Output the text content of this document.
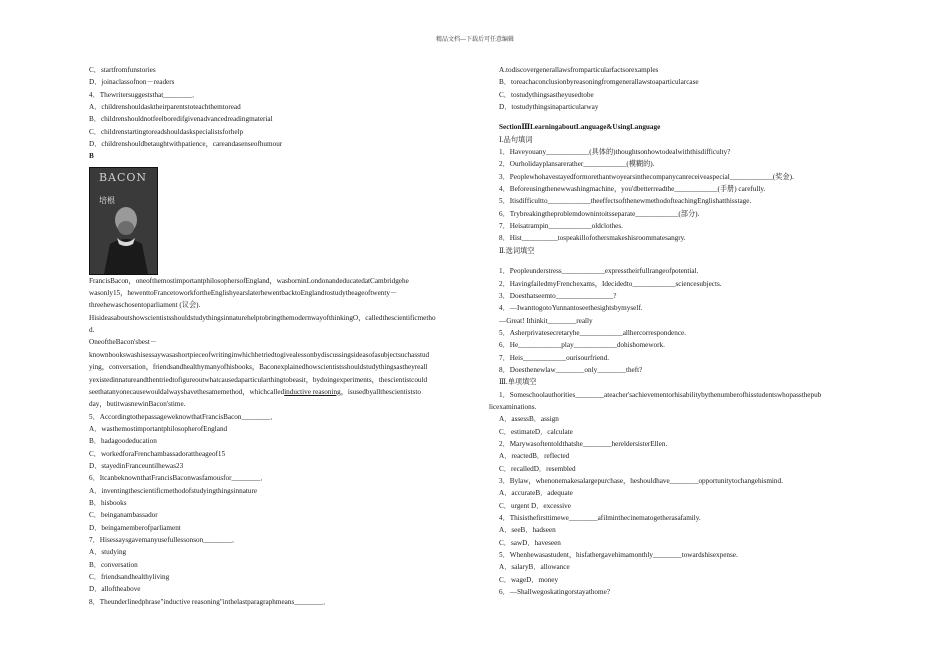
精品文档---下载后可任意编辑
C．startfromfunstories
D．joinaclassofnon－readers
4．Thewritersuggeststhat________．
A．childrenshouldasktheirparentstoteachthemtoread
B．childrenshouldnotfeelboredifgivenadvancedreadingmaterial
C．childrenstartingtoreadshouldaskspecialistsforhelp
D．childrenshouldbetaughtwithpatience，careandasenseofhumour
B
BACON
培根
FrancisBacon，oneofthemostimportantphilosophersofEngland，wasborninLondonandeducatedatCambridgehe
wasonly15，hewenttoFrancetoworkfortheEnglishyearslaterhewentbacktoEnglandtostudytheageoftwenty－
threehewaschosentoparliament (议会).
HisideasaboutshowscientistsshouldstudythingsinnaturehelptobringthemodernwayofthinkingO，calledthescientificmetho
d.
OneoftheBacon'sbest－
knownbookswashisessaywasashortpieceofwritinginwhichhetriedtogivealessonbydiscussingsideasofasubjectsuchasstud
ying，conversation，friendsandhealthymanyofhisbooks，Baconexplainedhowscientistsshouldstudythingsastheyreall
yexistedinnatureandthentriedtofigureoutwhatcausedaparticularthingtobeasit，bydoingexperiments，thescientistcould
seethatanyonecausewouldalwayshavethesamemethod，whichcalledinductive reasoning，isusedbyallthescientiststo
day，butitwasnewinBacon'stime.
5．AccordingtothepassageweknowthatFrancisBacon________．
A．wasthemostimportantphilosopherofEngland
B．hadagoodeducation
C．workedforaFrenchambassadorattheageof15
D．stayedinFranceuntilhewas23
6．ItcanbeknownthatFrancisBaconwasfamousfor________．
A．inventingthescientificmethodofstudyingthingsinnature
B．hisbooks
C．beinganambassador
D．beingamemberofparliament
7．Hisessaysgavemanyusefullessonson________．
A．studying
B．conversation
C．friendsandhealthyliving
D．alloftheabove
8．Theunderlinedphrase"inductive reasoning"inthelastparagraphmeans________．
A.todiscovergenerallawsfromparticularfactsorexamples
B．toreachaconclusionbyreasoningfromgenerallawstoaparticularcase
C．tostudythingsastheyusedtobe
D．tostudythingsinaparticularway
SectionⅢLearningaboutLanguage&UsingLanguage
Ⅰ.品句填词
1．Haveyouany____________(具体的)thoughtsonhowtodealwiththisdifficulty?
2．Ourholidayplansarerather____________(模糊的).
3．Peoplewhohavestayedformorethantwoyearsinthecompanycanreceiveaspecial____________(奖金).
4．Beforeusingthenewwashingmachine，you'dbetterreadthe____________(手册) carefully.
5．Itisdifficultto____________theeffectsofthenewmethodofteachingEnglishatthisstage.
6．Trybreakingtheproblemdownintoitsseparate____________(部分).
7．Heisatrampin____________oldclothes.
8．Hist__________tospeakillofothersmakeshisroommatesangry.
Ⅱ.选词填空
1．Peopleunderstress____________expresstheirfullrangeofpotential.
2．HavingfailedmyFrenchexams，Idecidedto____________sciencesubjects.
3．Doesthatseemto________________?
4．—IwanttogotoYunnantoseethesightsbymyself.
—Great! Ithinkit________really
5．Asherprivatesecretaryhe____________allhercorrespondence.
6．He____________play____________dohishomework.
7．Heis____________ourisourfriend.
8．Doesthenewlaw________only________theft?
Ⅲ.单项填空
1．Someschoolauthorities________ateacher'sachievementorhisabilitybythenumberofhisstudentswhopassthepub
licexaminations.
A．assessB．assign
C．estimateD．calculate
2．Marywasoftentoldthatshe________hereldersisterEllen.
A．reactedB．reflected
C．recalledD．resembled
3．Bylaw，whenonemakesalargepurchase，heshouldhave________opportunitytochangehismind.
A．accurateB．adequate
C．urgent D．excessive
4．Thisisthefirsttimewe________afilminthecinematogetherasafamily.
A．seeB．hadseen
C．sawD．haveseen
5．Whenhewasastudent，hisfathergavehimamonthly________towardshisexpense.
A．salaryB．allowance
C．wageD．money
6．—Shallwegoskatingorstayathome?
